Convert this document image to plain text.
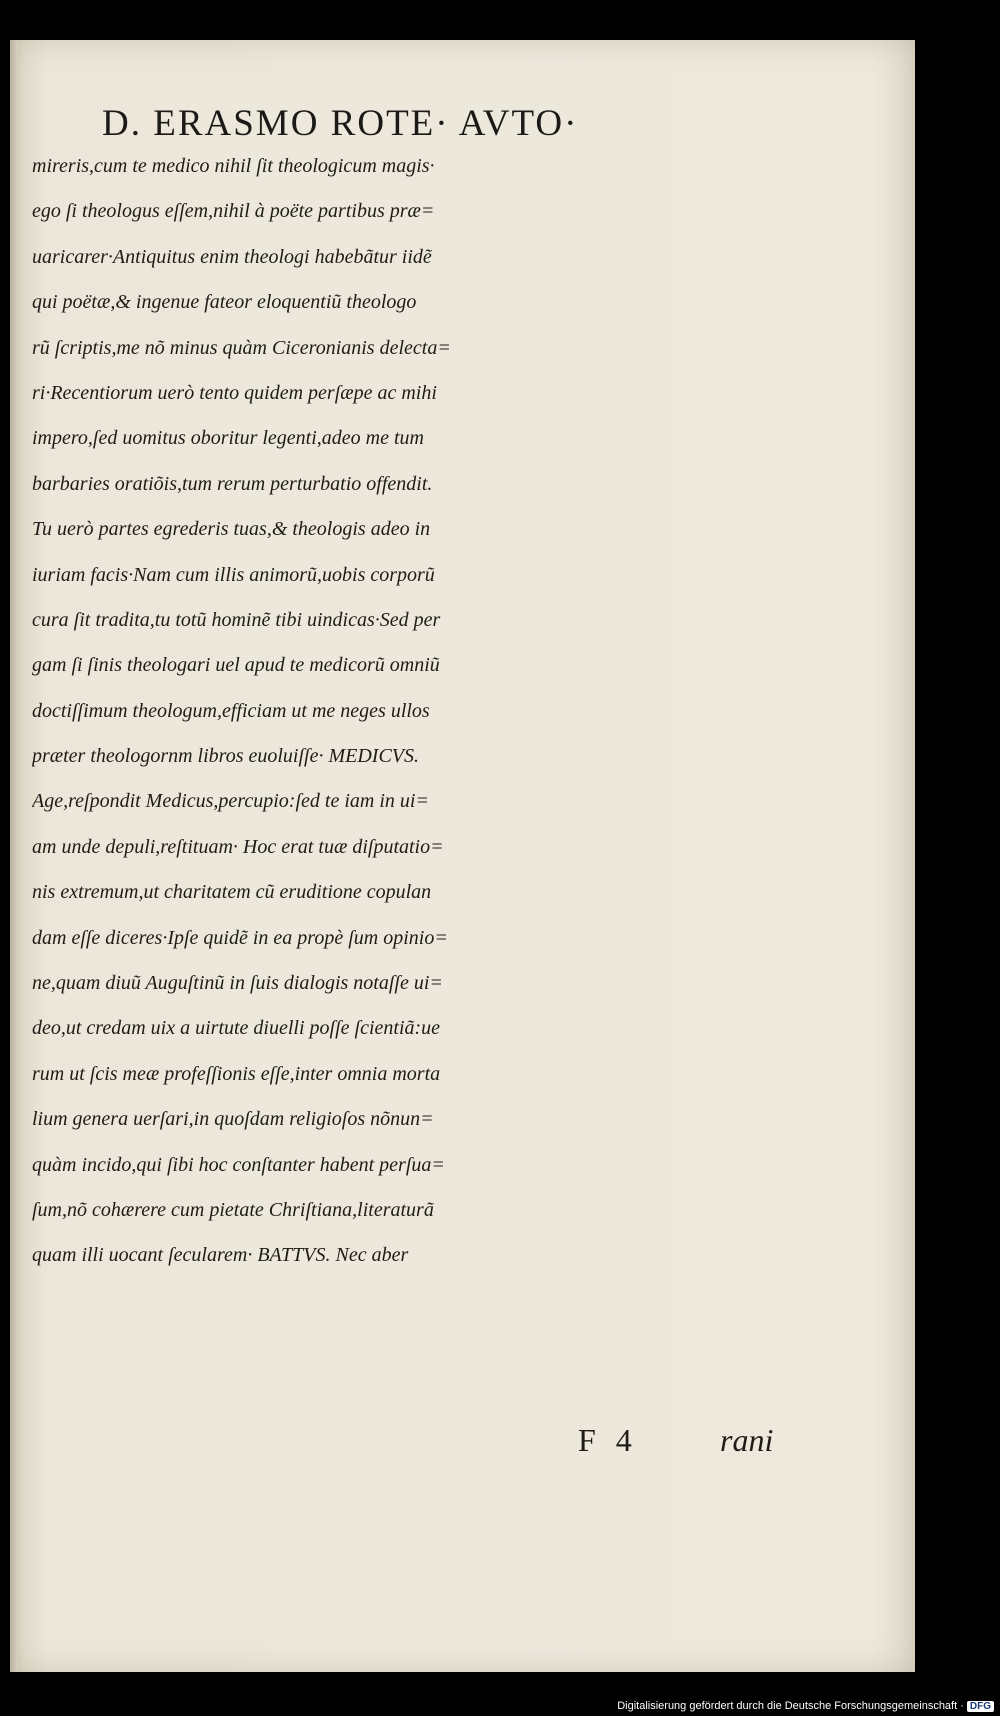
D. ERASMO ROTE· AVTO·
mireris,cum te medico nihil ſit theologicum magis·
ego ſi theologus eſſem,nihil à poëte partibus præ=
uaricarer·Antiquitus enim theologi habebãtur iidẽ
qui poëtæ,& ingenue fateor eloquentiũ theologo
rũ ſcriptis,me nõ minus quàm Ciceronianis delecta=
ri·Recentiorum uerò tento quidem perſæpe ac mihi
impero,ſed uomitus oboritur legenti,adeo me tum
barbaries oratiõis,tum rerum perturbatio offendit.
Tu uerò partes egrederis tuas,& theologis adeo in
iuriam facis·Nam cum illis animorũ,uobis corporũ
cura ſit tradita,tu totũ hominẽ tibi uindicas·Sed per
gam ſi ſinis theologari uel apud te medicorũ omniũ
doctiſſimum theologum,efficiam ut me neges ullos
præter theologornm libros euoluiſſe· MEDICVS.
Age,reſpondit Medicus,percupio:ſed te iam in ui=
am unde depuli,reſtituam· Hoc erat tuæ diſputatio=
nis extremum,ut charitatem cũ eruditione copulan
dam eſſe diceres·Ipſe quidẽ in ea propè ſum opinio=
ne,quam diuũ Auguſtinũ in ſuis dialogis notaſſe ui=
deo,ut credam uix a uirtute diuelli poſſe ſcientiã:ue
rum ut ſcis meæ profeſſionis eſſe,inter omnia morta
lium genera uerſari,in quoſdam religioſos nõnun=
quàm incido,qui ſibi hoc conſtanter habent perſua=
ſum,nõ cohærere cum pietate Chriſtiana,literaturã
quam illi uocant ſecularem· BATTVS. Nec aber
F 4	rani
Digitalisierung gefördert durch die Deutsche Forschungsgemeinschaft · DFG
